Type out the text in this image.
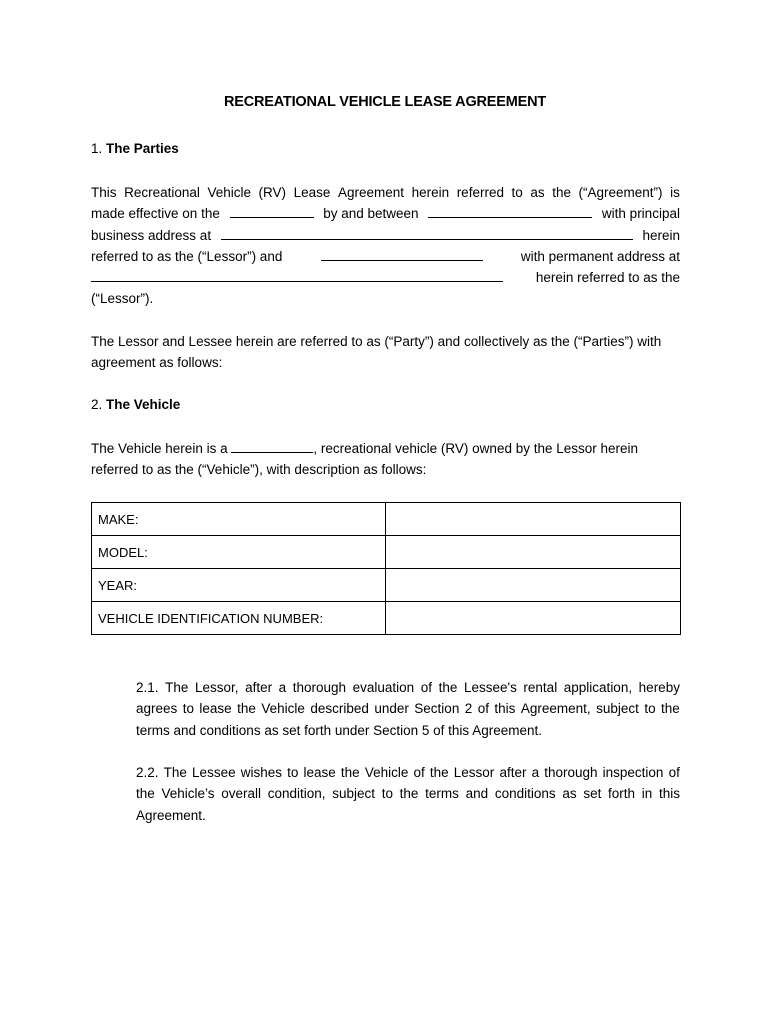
RECREATIONAL VEHICLE LEASE AGREEMENT
1. The Parties
This Recreational Vehicle (RV) Lease Agreement herein referred to as the (“Agreement”) is
made effective on the	by and between	with principal
business address at	herein
referred to as the (“Lessor”) and	with permanent address at
herein referred to as the
(“Lessor”).
The Lessor and Lessee herein are referred to as (“Party”) and collectively as the (“Parties”) with
agreement as follows:
2. The Vehicle
The Vehicle herein is a	, recreational vehicle (RV) owned by the Lessor herein
referred to as the (“Vehicle”), with description as follows:
MAKE:	
MODEL:	
YEAR:	
VEHICLE IDENTIFICATION NUMBER:	
2.1. The Lessor, after a thorough evaluation of the Lessee's rental application, hereby
agrees to lease the Vehicle described under Section 2 of this Agreement, subject to the
terms and conditions as set forth under Section 5 of this Agreement.
2.2. The Lessee wishes to lease the Vehicle of the Lessor after a thorough inspection of
the Vehicle’s overall condition, subject to the terms and conditions as set forth in this
Agreement.
